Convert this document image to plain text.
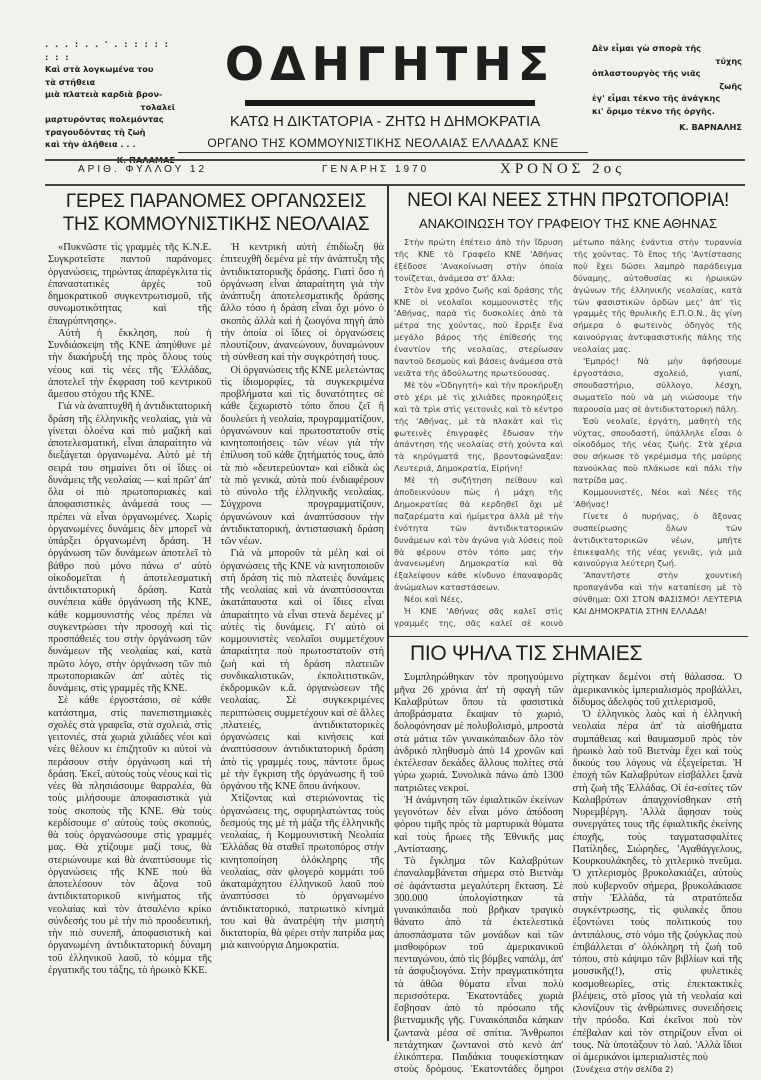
. . . : . . ' . : : : : : : : :
Καὶ στὰ λογκωμένα του
τὰ στήθεια
μιὰ πλατειὰ καρδιὰ βρον-
τολαλεῖ
μαρτυρόντας πολεμόντας
τραγουδόντας τὴ ζωὴ
καὶ τὴν ἀλήθεια . . .
ΟΔΗΓΗΤΗΣ
ΚΑΤΩ Η ΔΙΚΤΑΤΟΡΙΑ - ΖΗΤΩ Η ΔΗΜΟΚΡΑΤΙΑ
ΟΡΓΑΝΟ ΤΗΣ ΚΟΜΜΟΥΝΙΣΤΙΚΗΣ ΝΕΟΛΑΙΑΣ ΕΛΛΑΔΑΣ ΚΝΕ
Δὲν εἶμαι γὼ σπορὰ τῆς
τύχης
ὀπλαστουργὸς τῆς νιᾶς
ζωῆς
ἐγ' εἶμαι τέκνο τῆς ἀνάγκης
κι' ὄριμο τέκνο τῆς ὀργῆς.
Κ. ΒΑΡΝΑΛΗΣ
ΑΡΙΘ. ΦΥΛΛΟΥ 12	ΓΕΝΑΡΗΣ 1970	ΧΡΟΝΟΣ 2ος
ΓΕΡΕΣ ΠΑΡΑΝΟΜΕΣ ΟΡΓΑΝΩΣΕΙΣ
ΤΗΣ ΚΟΜΜΟΥΝΙΣΤΙΚΗΣ ΝΕΟΛΑΙΑΣ

«Πυκνῶστε τὶς γραμμὲς τῆς Κ.Ν.Ε. Συγκροτεῖστε παντοῦ παράνομες ὀργανώσεις, τηρώντας ἀπαρέγκλιτα τὶς ἐπαναστατικὲς ἀρχὲς τοῦ δημοκρατικοῦ συγκεντρωτισμοῦ, τῆς συνωμοτικότητας καὶ τῆς ἐπαγρύπνησης».

Αὐτὴ ἡ ἔκκληση, ποὺ ἡ Συνδιάσκεψη τῆς ΚΝΕ ἀπηύθυνε μὲ τὴν διακήρυξή της πρὸς ὅλους τοὺς νέους καὶ τὶς νέες τῆς Ἑλλάδας, ἀποτελεῖ τὴν ἔκφραση τοῦ κεντρικοῦ ἄμεσου στόχου τῆς ΚΝΕ.

Γιὰ νὰ ἀναπτυχθῆ ἡ ἀντιδικτατορικὴ δράση τῆς ἑλληνικῆς νεολαίας, γιὰ νὰ γίνεται ὁλοένα καὶ πιὸ μαζικὴ καὶ ἀποτελεσματική, εἶναι ἀπαραίτητο νὰ διεξάγεται ὀργανωμένα. Αὐτὸ μὲ τὴ σειρά του σημαίνει ὅτι οἱ ἴδιες οἱ δυνάμεις τῆς νεολαίας — καὶ πρῶτ' ἀπ' ὅλα οἱ πιὸ πρωτοποριακὲς καὶ ἀποφασιστικὲς ἀνάμεσά τους — πρέπει νὰ εἶναι ὀργανωμένες. Χωρὶς ὀργανωμένες δυνάμεις δὲν μπορεῖ νὰ ὑπάρξει ὀργανωμένη δράση. Ἡ ὀργάνωση τῶν δυνάμεων ἀποτελεῖ τὸ βάθρο ποὺ μόνο πάνω σ' αὐτὸ οἰκοδομεῖται ἡ ἀποτελεσματικὴ ἀντιδικτατορικὴ δράση. Κατὰ συνέπεια κάθε ὀργάνωση τῆς ΚΝΕ, κάθε κομμουνιστὴς νέος πρέπει νὰ συγκεντρώσει τὴν προσοχὴ καὶ τὶς προσπάθειές του στὴν ὀργάνωση τῶν δυνάμεων τῆς νεολαίας καί, κατὰ πρῶτο λόγο, στὴν ὀργάνωση τῶν πιὸ πρωτοποριακῶν ἀπ' αὐτὲς τὶς δυνάμεις, στὶς γραμμὲς τῆς ΚΝΕ.

Σὲ κάθε ἐργοστάσιο, σὲ κάθε κατάστημα, στὶς πανεπιστημιακὲς σχολὲς στὰ γραφεῖα, στὰ σχολειά, στὶς γειτονιές, στὰ χωριὰ χιλιάδες νέοι καὶ νέες θέλουν κι ἐπιζητοῦν κι αὐτοὶ νὰ περάσουν στὴν ὀργάνωση καὶ τὴ δράση. Ἐκεῖ, αὐτοὺς τοὺς νέους καὶ τὶς νέες θὰ πλησιάσουμε θαρραλέα, θὰ τοὺς μιλήσουμε ἀποφασιστικὰ γιὰ τοὺς σκοποὺς τῆς ΚΝΕ. Θὰ τοὺς κερδίσουμε σ' αὐτοὺς τοὺς σκοπούς, θὰ τοὺς ὀργανώσουμε στὶς γραμμές μας. Θὰ χτίζουμε μαζί τους, θὰ στεριώνουμε καὶ θὰ ἀναπτύσουμε τὶς ὀργανώσεις τῆς ΚΝΕ ποὺ θὰ ἀποτελέσουν τὸν ἄξονα τοῦ ἀντιδικτατορικοῦ κινήματος τῆς νεολαίας καὶ τὸν ἀτσαλένιο κρίκο σύνδεσής του μὲ τὴν πιὸ προοδευτική, τὴν πιὸ συνεπῆ, ἀποφασιστικὴ καὶ ὀργανωμένη ἀντιδικτατορικὴ δύναμη τοῦ ἑλληνικοῦ λαοῦ, τὸ κόμμα τῆς ἐργατικῆς του τάξης, τὸ ἡρωικὸ ΚΚΕ.

Ἡ κεντρικὴ αὐτὴ ἐπιδίωξη θὰ ἐπιτευχθῆ δεμένα μὲ τὴν ἀνάπτυξη τῆς ἀντιδικτατορικῆς δράσης. Γιατὶ ὅσο ἡ ὀργάνωση εἶναι ἀπαραίτητη γιὰ τὴν ἀνάπτυξη ἀποτελεσματικῆς δράσης ἄλλο τόσο ἡ δράση εἶναι ὄχι μόνο ὁ σκοπὸς ἀλλὰ καὶ ἡ ζωογόνα πηγὴ ἀπὸ τὴν ὁποία οἱ ἴδιες οἱ ὀργανώσεις πλουτίζουν, ἀνανεώνουν, δυναμώνουν τὴ σύνθεση καὶ τὴν συγκρότησή τους.

Οἱ ὀργανώσεις τῆς ΚΝΕ μελετώντας τὶς ἰδιομορφίες, τὰ συγκεκριμένα προβλήματα καὶ τὶς δυνατότητες σὲ κάθε ξεχωριστὸ τόπο ὅπου ζεῖ ἢ δουλεύει ἡ νεολαία, προγραμματίζουν, ὀργανώνουν καὶ πρωτοστατοῦν στὶς κινητοποιήσεις τῶν νέων γιὰ τὴν ἐπίλυση τοῦ κάθε ζητήματός τους, ἀπὸ τὰ πιὸ «δευτερεύοντα» καὶ εἰδικὰ ὡς τὰ πιὸ γενικά, αὐτὰ ποὺ ἐνδιαφέρουν τὸ σύνολο τῆς ἑλληνικῆς νεολαίας. Σύγχρονα προγραμματίζουν, ὀργανώνουν καὶ ἀναπτύσσουν τὴν ἀντιδικτατορική, ἀντιστασιακὴ δράση τῶν νέων.

Γιὰ νὰ μποροῦν τὰ μέλη καὶ οἱ ὀργανώσεις τῆς ΚΝΕ νὰ κινητοποιοῦν στὴ δράση τὶς πιὸ πλατειὲς δυνάμεις τῆς νεολαίας καὶ νὰ ἀναπτύσσονται ἀκατάπαυστα καὶ οἱ ἴδιες εἶναι ἀπαραίτητο νὰ εἶναι στενὰ δεμένες μ' αὐτὲς τὶς δυνάμεις. Γι' αὐτὸ οἱ κομμουνιστὲς νεολαῖοι συμμετέχουν ἀπαραίτητα ποὺ πρωτοστατοῦν στὴ ζωὴ καὶ τὴ δράση πλατειῶν συνδικαλιστικῶν, ἐκπολιτιστικῶν, ἐκδρομικῶν κ.ἄ. ὀργανώσεων τῆς νεολαίας. Σὲ συγκεκριμένες περιπτώσεις συμμετέχουν καὶ σὲ ἄλλες ,πλατειές, ἀντιδικτατορικὲς ὀργανώσεις καὶ κινήσεις καὶ ἀναπτύσσουν ἀντιδικτατορικὴ δράση ἀπὸ τὶς γραμμές τους, πάντοτε ὅμως μὲ τὴν ἔγκριση τῆς ὀργάνωσης ἢ τοῦ ὀργάνου τῆς ΚΝΕ ὅπου ἀνήκουν.

Χτίζοντας καὶ στεριώνοντας τὶς ὀργανώσεις της, σφυρηλατώντας τοὺς δεσμούς της μὲ τὴ μάζα τῆς ἑλληνικῆς νεολαίας, ἡ Κομμουνιστικὴ Νεολαία Ἑλλάδας θὰ σταθεῖ πρωτοπόρος στὴν κινητοποίηση ὁλόκληρης τῆς νεολαίας, σὰν φλογερὸ κομμάτι τοῦ ἀκαταμάχητου ἑλληνικοῦ λαοῦ ποὺ ἀναπτύσσει τὸ ὀργανωμένο ἀντιδικτατορικό, πατριωτικὸ κίνημά του καὶ θὰ ἀνατρέψη τὴν μισητὴ δικτατορία, θὰ φέρει στὴν πατρίδα μας μιὰ καινούργια Δημοκρατία.

ΝΕΟΙ ΚΑΙ ΝΕΕΣ ΣΤΗΝ ΠΡΩΤΟΠΟΡΙΑ!
ΑΝΑΚΟΙΝΩΣΗ ΤΟΥ ΓΡΑΦΕΙΟΥ ΤΗΣ ΚΝΕ ΑΘΗΝΑΣ

Στὴν πρώτη ἐπέτειο ἀπὸ τὴν ἵδρυση τῆς ΚΝΕ τὸ Γραφεῖο ΚΝΕ 'Αθήνας ἐξέδοσε 'Ανακοίνωση στὴν ὁποία τονίζεται, ἀνάμεσα στ' ἄλλα:

Στὸν ἕνα χρόνο ζωῆς καὶ δράσης τῆς ΚΝΕ οἱ νεολαῖοι κομμουνιστὲς τῆς 'Αθήνας, παρὰ τὶς δυσκολίες ἀπὸ τὰ μέτρα της χούντας, ποὺ ἔρριξε ἕνα μεγάλο βάρος τῆς ἐπίθεσής της ἐναντίον τῆς νεολαίας, στερίωσαν παντοῦ δεσμοὺς καὶ βάσεις ἀνάμεσα στὰ νειᾶτα τῆς ἀδούλωτης πρωτεύουσας.

Μὲ τὸν «Ὁδηγητὴ» καὶ τὴν προκήρυξη στὸ χέρι μὲ τὶς χιλιάδες προκηρύξεις καὶ τὰ τρὶκ στὶς γειτονιὲς καὶ τὸ κέντρο τῆς 'Αθήνας, μὲ τὰ πλακὰτ καὶ τὶς φωτεινὲς ἐπιγραφὲς ἔδωσαν τὴν ἀπάντηση τῆς νεολαίας στὴ χούντα καὶ τὰ κηρύγματά της, βροντοφώναξαν: Λευτεριά, Δημοκρατία, Εἰρήνη!

Μὲ τὴ συζήτηση πείθουν καὶ ἀποδεικνύουν πὼς ἡ μάχη τῆς Δημοκρατίας θὰ κερδηθεῖ ὄχι μὲ παζαρέματα καὶ ἡμίμετρα ἀλλὰ μὲ τὴν ἑνότητα τῶν ἀντιδικτατορικῶν δυνάμεων καὶ τὸν ἀγώνα γιὰ λύσεις ποὺ θὰ φέρουν στὸν τόπο μας τὴν ἀνανεωμένη Δημοκρατία καὶ θὰ ἐξαλείψουν κάθε κίνδυνο ἐπαναφορᾶς ἀνώμαλων καταστάσεων.

Νέοι καὶ Νέες,

Ἡ ΚΝΕ 'Αθήνας σᾶς καλεῖ στὶς γραμμές της, σᾶς καλεῖ σὲ κοινὸ μέτωπο πάλης ἐνάντια στὴν τυραννία τῆς χούντας. Τὸ ἔπος τῆς 'Αντίστασης ποὺ ἔχει δώσει λαμπρὸ παράδειγμα δύναμης, αὐτοθυσίας κι ἡρωικῶν ἀγώνων τῆς ἑλληνικῆς νεολαίας, κατὰ τῶν φασιστικῶν ὀρδῶν μες' ἀπ' τὶς γραμμὲς τῆς θρυλικῆς Ε.Π.Ο.Ν., ἂς γίνη σήμερα ὁ φωτεινὸς ὁδηγὸς τῆς καινούργιας ἀντιφασιστικῆς πάλης τῆς νεολαίας μας.

'Εμπρός! Νὰ μὴν ἀφήσουμε ἐργοστάσιο, σχολειό, γιαπί, σπουδαστήριο, σύλλογο, λέσχη, σωματεῖο ποὺ νὰ μὴ νιώσουμε τὴν παρουσία μας σὲ ἀντιδικτατορικὴ πάλη.

Ἐσὺ νεολαῖε, ἐργάτη, μαθητὴ τῆς νύχτας, σπουδαστή, ὑπάλληλε εἶσαι ὁ οἰκοδόμος τῆς νέας ζωῆς. Στὰ χέρια σου σήκωσε τὸ γκρέμισμα τῆς μαύρης πανούκλας ποὺ πλάκωσε καὶ πάλι τὴν πατρίδα μας.

Κομμουνιστές, Νέοι καὶ Νέες τῆς 'Αθήνας!

Γίνετε ὁ πυρήνας, ὁ ἄξονας συσπείρωσης ὅλων τῶν ἀντιδικτατορικῶν νέων, μπῆτε ἐπικεφαλῆς τῆς νέας γενιᾶς, γιὰ μιὰ καινούργια λεύτερη ζωή.

'Απαντῆστε στὴν χουντικὴ προπαγάνδα καὶ τὴν καταπίεση μὲ τὸ σύνθημα: ΟΧΙ ΣΤΟΝ ΦΑΣΙΣΜΟ! ΛΕΥΤΕΡΙΑ ΚΑΙ ΔΗΜΟΚΡΑΤΙΑ ΣΤΗΝ ΕΛΛΑΔΑ!

ΠΙΟ ΨΗΛΑ ΤΙΣ ΣΗΜΑΙΕΣ

Συμπληρώθηκαν τὸν προηγούμενο μῆνα 26 χρόνια ἀπ' τὴ σφαγὴ τῶν Καλαβρύτων ὅπου τὰ φασιστικὰ ἀποβράσματα ἔκαψαν τὸ χωριό, δολοφόνησαν μὲ πολυβολισμό, μπροστὰ στὰ μάτια τῶν γυναικόπαιδων ὅλο τὸν ἀνδρικὸ πληθυσμὸ ἀπὸ 14 χρονῶν καὶ ἐκτέλεσαν δεκάδες ἄλλους πολίτες στὰ γύρω χωριά. Συνολικὰ πάνω ἀπὸ 1300 πατριῶτες νεκροί.

Ἡ ἀνάμνηση τῶν ἐφιαλτικῶν ἐκείνων γεγονότων δὲν εἶναι μόνο ἀπόδοση φόρου τιμῆς πρὸς τὰ μαρτυρικὰ θύματα καὶ τοὺς ἥρωες τῆς Ἐθνικῆς μας ,Αντίστασης.

Τὸ ἔγκλημα τῶν Καλαβρύτων ἐπαναλαμβάνεται σήμερα στὸ Βιετνὰμ σὲ ἀφάνταστα μεγαλύτερη ἔκταση. Σὲ 300.000 ὑπολογίστηκαν τὰ γυναικόπαιδα ποὺ βρῆκαν τραγικὸ θάνατο ἀπὸ τὰ ἐκτελεστικὰ ἀποσπάσματα τῶν μονάδων καὶ τῶν μισθοφόρων τοῦ ἀμερικανικοῦ πενταγώνου, ἀπὸ τὶς βόμβες ναπάλμ, ἀπ' τὰ ἀσφυξιογόνα. Στὴν πραγματικότητα τὰ ἀθῶα θύματα εἶναι πολὺ περισσότερα. Ἑκατοντάδες χωριὰ ἔσβησαν ἀπὸ τὸ πρόσωπο τῆς βιετναμικῆς γῆς. Γυναικόπαιδα κάηκαν ζωντανὰ μέσα σὲ σπίτια. Ἄνθρωποι πετάχτηκαν ζωντανοὶ στὸ κενὸ ἀπ' ἑλικόπτερα. Παιδάκια τουφεκίστηκαν στοὺς δρόμους. Ἑκατοντάδες ὅμηροι ρίχτηκαν δεμένοι στὴ θάλασσα. Ὁ ἀμερικανικὸς ἰμπεριαλισμὸς προβάλλει, δίδυμος ἀδελφὸς τοῦ χιτλερισμοῦ,

Ὁ ἑλληνικὸς λαὸς καὶ ἡ ἑλληνικὴ νεολαία πέρα ἀπ' τὰ αἰσθήματα συμπάθειας καὶ θαυμασμοῦ πρὸς τὸν ἡρωικὸ λαὸ τοῦ Βιετνὰμ ἔχει καὶ τοὺς δικούς του λόγους νὰ ἐξεγείρεται. Ἡ ἐποχὴ τῶν Καλαβρύτων εἰσβάλλει ξανὰ στὴ ζωὴ τῆς Ἑλλάδας. Οἱ ἐσ-εσίτες τῶν Καλαβρύτων ἀπαγχονίσθηκαν στὴ Νυρεμβέργη. 'Αλλὰ ἄφησαν τοὺς συνεργάτες τους τῆς ἐφιαλτικῆς ἐκείνης ἐποχῆς, τοὺς ταγματασφαλίτες Πατίληδες, Σιώρηδες, 'Αγαθάγγελους, Κουρκουλάκηδες, τὸ χιτλερικὸ πνεῦμα. Ὁ χιτλερισμὸς βρυκολακιάζει, αὐτοὺς ποὺ κυβερνοῦν σήμερα, βρυκολάκιασε στὴν Ἑλλάδα, τὰ στρατόπεδα συγκέντρωσης, τὶς φυλακὲς ὅπου ἐξοντώνει τοὺς πολιτικούς του ἀντιπάλους, στὸ νόμο τῆς ζούγκλας ποὺ ἐπιβάλλεται σ' ὁλόκληρη τὴ ζωὴ τοῦ τόπου, στὸ κάψιμο τῶν βιβλίων καὶ τῆς μουσικῆς(!), στὶς φυλετικὲς κοσμοθεωρίες, στὶς ἐπεκτακτικὲς βλέψεις, στὸ μῖσος γιὰ τὴ νεολαία καὶ κλονίζουν τὶς ἀνθρώπινες συνειδήσεις τὴν πρόοδο. Καὶ ἐκεῖνοι ποὺ τὸν ἐπέβαλαν καὶ τὸν στηρίζουν εἶναι οἱ τους. Νὰ ὑποτάξουν τὸ λαό. 'Αλλὰ ἴδιοι οἱ ἀμερικάνοι ἰμπεριαλιστὲς ποὺ

(Συνέχεια στὴν σελίδα 2)
